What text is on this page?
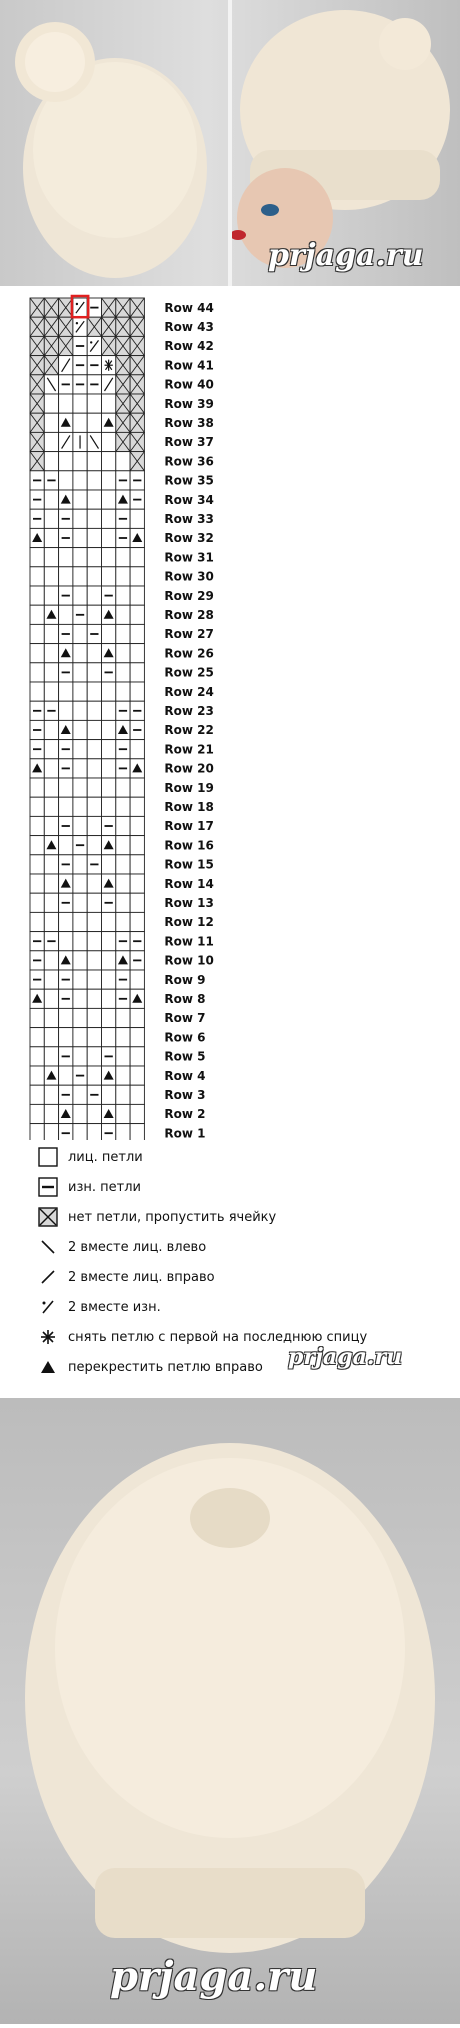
prjaga.ru
Row 44
Row 43
Row 42
Row 41
Row 40
Row 39
Row 38
Row 37
Row 36
Row 35
Row 34
Row 33
Row 32
Row 31
Row 30
Row 29
Row 28
Row 27
Row 26
Row 25
Row 24
Row 23
Row 22
Row 21
Row 20
Row 19
Row 18
Row 17
Row 16
Row 15
Row 14
Row 13
Row 12
Row 11
Row 10
Row 9
Row 8
Row 7
Row 6
Row 5
Row 4
Row 3
Row 2
Row 1
лиц. петли
изн. петли
нет петли, пропустить ячейку
2 вместе лиц. влево
2 вместе лиц. вправо
2 вместе изн.
снять петлю с первой на последнюю спицу
перекрестить петлю вправо prjaga.ru
prjaga.ru
